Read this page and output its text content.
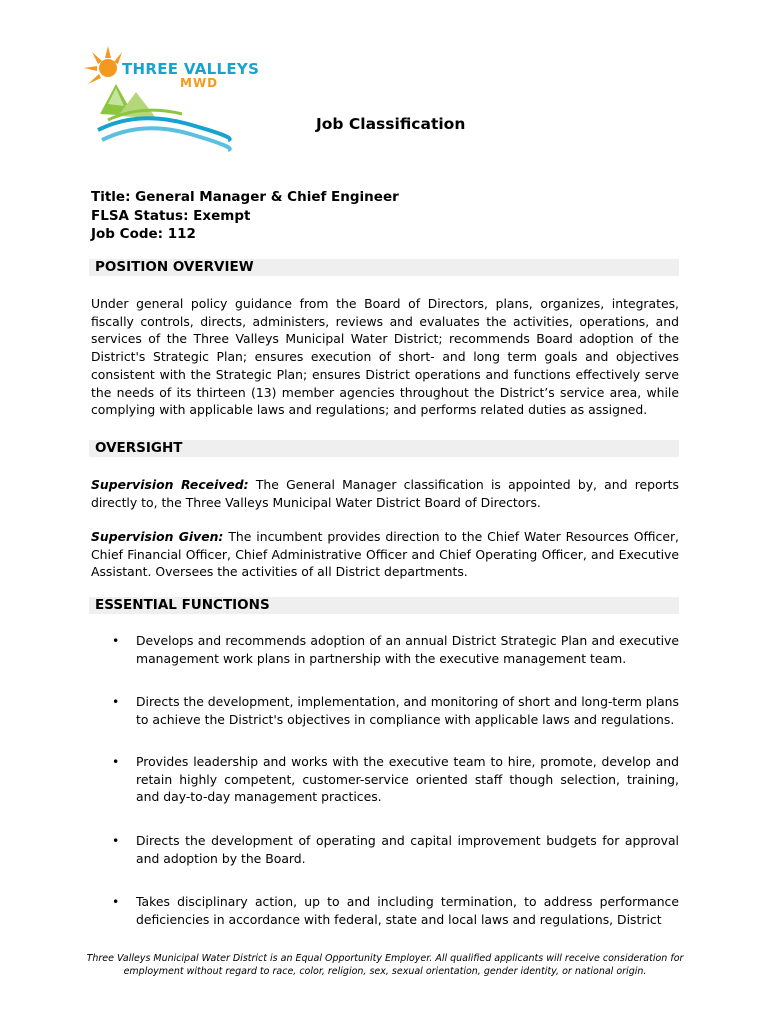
THREE VALLEYS
MWD
Job Classification
Title: General Manager & Chief Engineer
FLSA Status: Exempt
Job Code: 112
POSITION OVERVIEW
Under general policy guidance from the Board of Directors, plans, organizes, integrates, fiscally controls, directs, administers, reviews and evaluates the activities, operations, and services of the Three Valleys Municipal Water District; recommends Board adoption of the District's Strategic Plan; ensures execution of short- and long term goals and objectives consistent with the Strategic Plan; ensures District operations and functions effectively serve the needs of its thirteen (13) member agencies throughout the District’s service area, while complying with applicable laws and regulations; and performs related duties as assigned.
OVERSIGHT
Supervision Received: The General Manager classification is appointed by, and reports directly to, the Three Valleys Municipal Water District Board of Directors.
Supervision Given: The incumbent provides direction to the Chief Water Resources Officer, Chief Financial Officer, Chief Administrative Officer and Chief Operating Officer, and Executive Assistant. Oversees the activities of all District departments.
ESSENTIAL FUNCTIONS
• Develops and recommends adoption of an annual District Strategic Plan and executive management work plans in partnership with the executive management team.
• Directs the development, implementation, and monitoring of short and long-term plans to achieve the District's objectives in compliance with applicable laws and regulations.
• Provides leadership and works with the executive team to hire, promote, develop and retain highly competent, customer-service oriented staff though selection, training, and day-to-day management practices.
• Directs the development of operating and capital improvement budgets for approval and adoption by the Board.
• Takes disciplinary action, up to and including termination, to address performance deficiencies in accordance with federal, state and local laws and regulations, District
Three Valleys Municipal Water District is an Equal Opportunity Employer. All qualified applicants will receive consideration for
employment without regard to race, color, religion, sex, sexual orientation, gender identity, or national origin.
